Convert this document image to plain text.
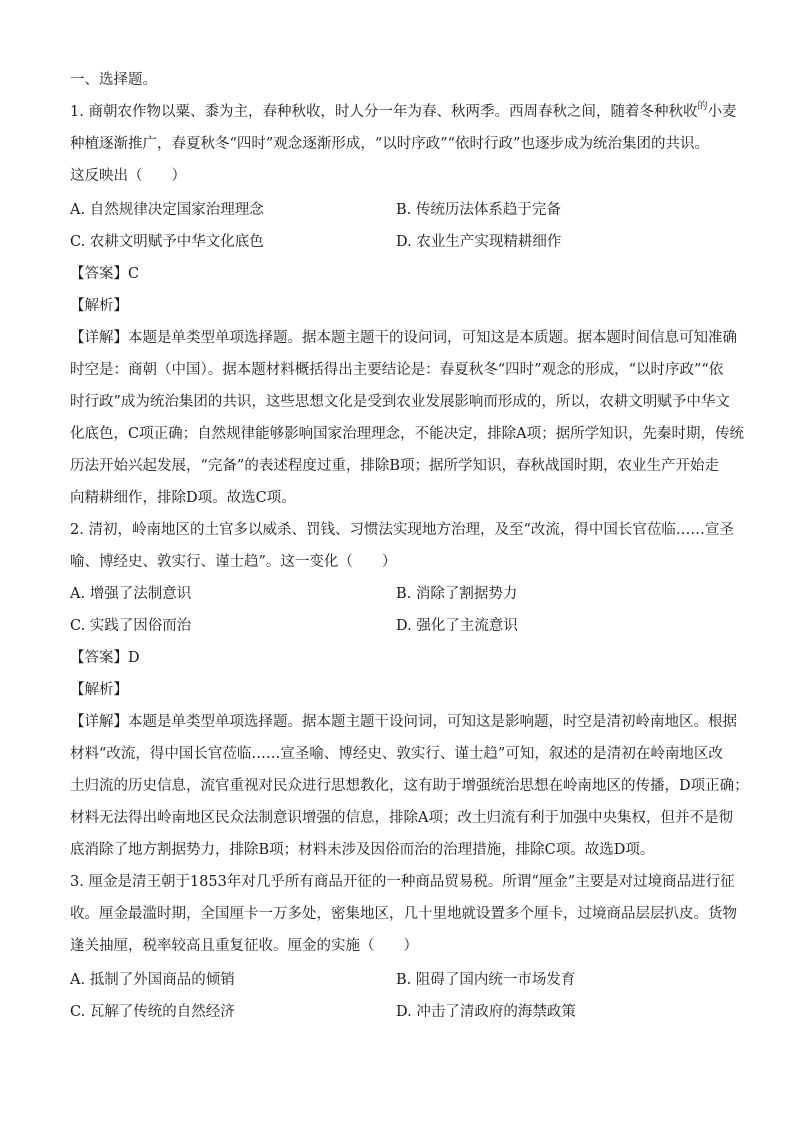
一、选择题。
1. 商朝农作物以粟、黍为主，春种秋收，时人分一年为春、秋两季。西周春秋之间，随着冬种秋收$^的$小麦
种植逐渐推广，春夏秋冬“四时”观念逐渐形成，“以时序政”“依时行政”也逐步成为统治集团的共识。
这反映出（　　）
A. 自然规律决定国家治理理念	B. 传统历法体系趋于完备
C. 农耕文明赋予中华文化底色	D. 农业生产实现精耕细作
【答案】C
【解析】
【详解】本题是单类型单项选择题。据本题主题干的设问词，可知这是本质题。据本题时间信息可知准确
时空是：商朝（中国）。据本题材料概括得出主要结论是：春夏秋冬“四时”观念的形成，“以时序政”“依
时行政”成为统治集团的共识，这些思想文化是受到农业发展影响而形成的，所以，农耕文明赋予中华文
化底色，C项正确；自然规律能够影响国家治理理念，不能决定，排除A项；据所学知识，先秦时期，传统
历法开始兴起发展，“完备”的表述程度过重，排除B项；据所学知识，春秋战国时期，农业生产开始走
向精耕细作，排除D项。故选C项。
2. 清初，岭南地区的土官多以威杀、罚钱、习惯法实现地方治理，及至“改流，得中国长官莅临……宣圣
喻、博经史、敦实行、谨士趋”。这一变化（　　）
A. 增强了法制意识	B. 消除了割据势力
C. 实践了因俗而治	D. 强化了主流意识
【答案】D
【解析】
【详解】本题是单类型单项选择题。据本题主题干设问词，可知这是影响题，时空是清初岭南地区。根据
材料“改流，得中国长官莅临……宣圣喻、博经史、敦实行、谨士趋”可知，叙述的是清初在岭南地区改
土归流的历史信息，流官重视对民众进行思想教化，这有助于增强统治思想在岭南地区的传播，D项正确；
材料无法得出岭南地区民众法制意识增强的信息，排除A项；改土归流有利于加强中央集权，但并不是彻
底消除了地方割据势力，排除B项；材料未涉及因俗而治的治理措施，排除C项。故选D项。
3. 厘金是清王朝于1853年对几乎所有商品开征的一种商品贸易税。所谓“厘金”主要是对过境商品进行征
收。厘金最滥时期，全国厘卡一万多处，密集地区，几十里地就设置多个厘卡，过境商品层层扒皮。货物
逢关抽厘，税率较高且重复征收。厘金的实施（　　）
A. 抵制了外国商品的倾销	B. 阻碍了国内统一市场发育
C. 瓦解了传统的自然经济	D. 冲击了清政府的海禁政策
